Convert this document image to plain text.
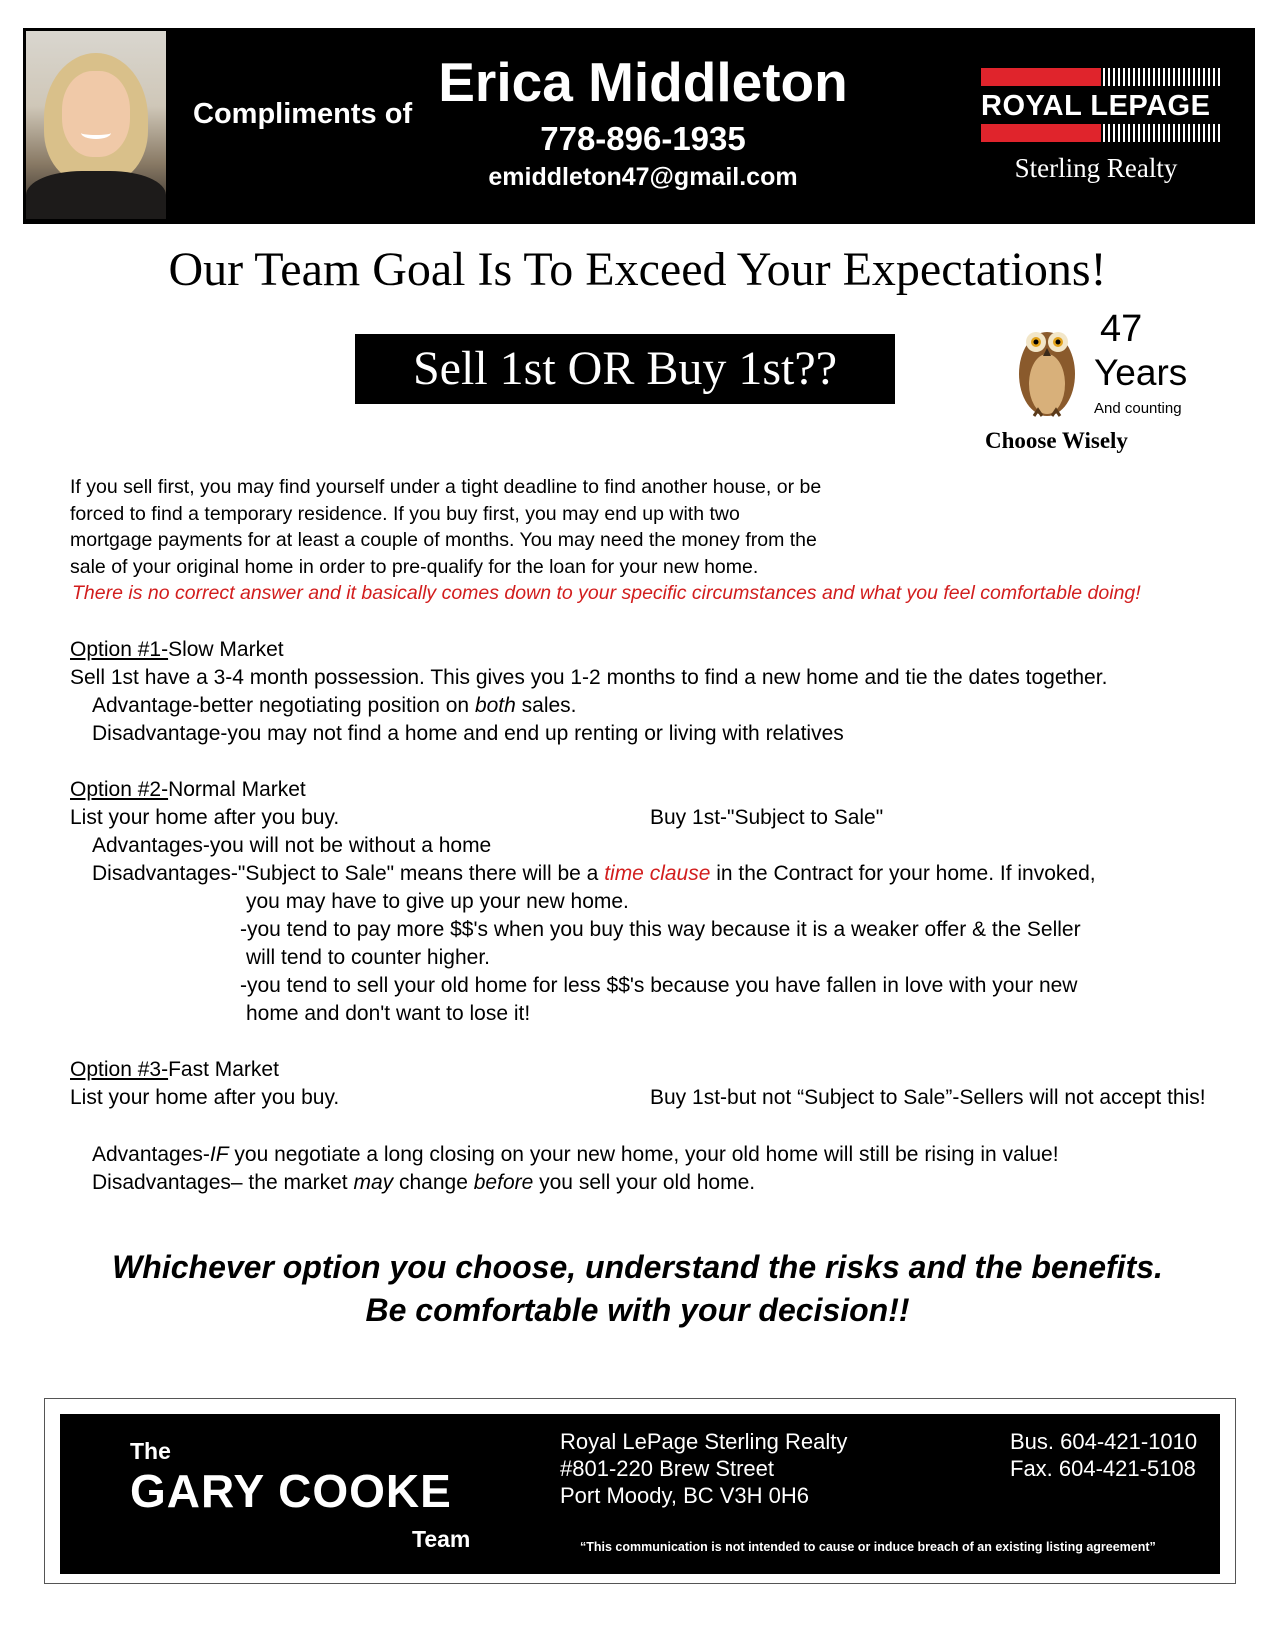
Compliments of
Erica Middleton
778-896-1935
emiddleton47@gmail.com
ROYAL LEPAGE
Sterling Realty
Our Team Goal Is To Exceed Your Expectations!
Sell 1st OR Buy 1st??
47
Years
And counting
Choose Wisely
If you sell first, you may find yourself under a tight deadline to find another house, or be
forced to find a temporary residence. If you buy first, you may end up with two
mortgage payments for at least a couple of months. You may need the money from the
sale of your original home in order to pre-qualify for the loan for your new home.
There is no correct answer and it basically comes down to your specific circumstances and what you feel comfortable doing!
Option #1-Slow Market
Sell 1st have a 3-4 month possession. This gives you 1-2 months to find a new home and tie the dates together.
Advantage-better negotiating position on both sales.
Disadvantage-you may not find a home and end up renting or living with relatives
Option #2-Normal Market
List your home after you buy.	Buy 1st-"Subject to Sale"
Advantages-you will not be without a home
Disadvantages-"Subject to Sale" means there will be a time clause in the Contract for your home. If invoked,
you may have to give up your new home.
-you tend to pay more $$'s when you buy this way because it is a weaker offer & the Seller
will tend to counter higher.
-you tend to sell your old home for less $$'s because you have fallen in love with your new
home and don't want to lose it!
Option #3-Fast Market
List your home after you buy.	Buy 1st-but not “Subject to Sale”-Sellers will not accept this!
Advantages-IF you negotiate a long closing on your new home, your old home will still be rising in value!
Disadvantages– the market may change before you sell your old home.
Whichever option you choose, understand the risks and the benefits.
Be comfortable with your decision!!
The
GARY COOKE
Team
Royal LePage Sterling Realty
#801-220 Brew Street
Port Moody, BC V3H 0H6
Bus. 604-421-1010
Fax. 604-421-5108
“This communication is not intended to cause or induce breach of an existing listing agreement”
